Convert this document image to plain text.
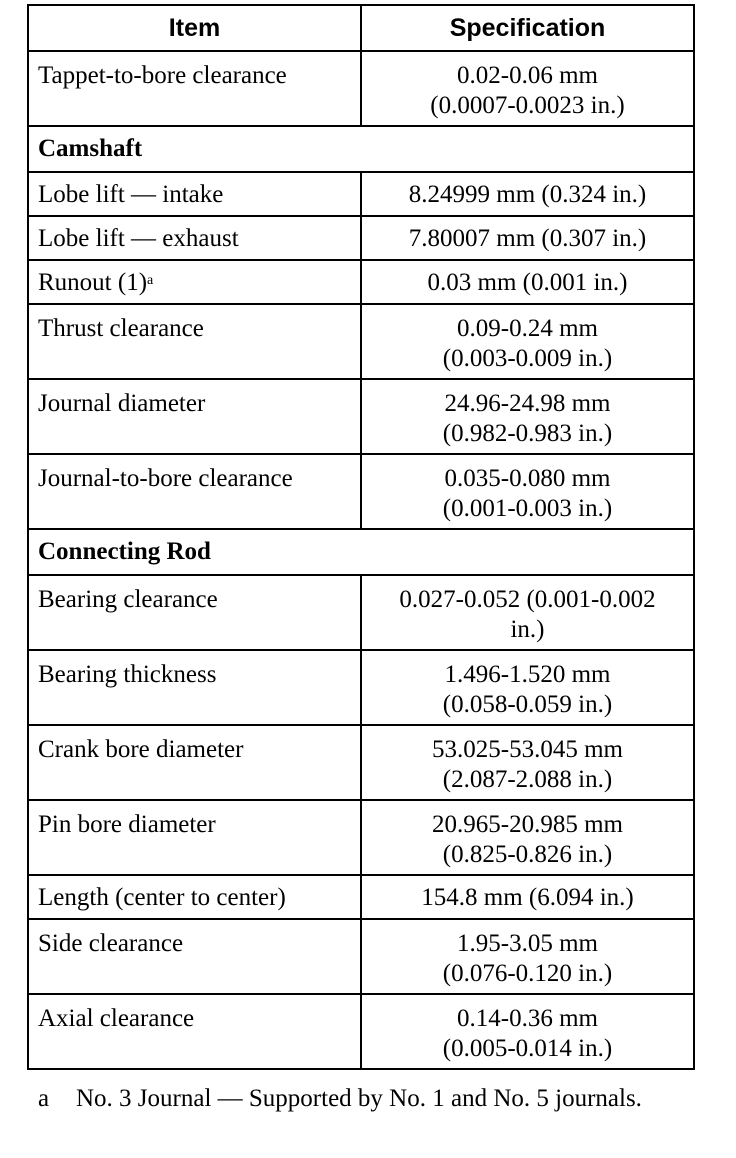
Item	Specification
Tappet-to-bore clearance	0.02-0.06 mm
(0.0007-0.0023 in.)

Camshaft	
Lobe lift — intake	8.24999 mm (0.324 in.)

Lobe lift — exhaust	7.80007 mm (0.307 in.)

Runout $(1)^a$	0.03 mm (0.001 in.)

Thrust clearance	0.09-0.24 mm
(0.003-0.009 in.)

Journal diameter	24.96-24.98 mm
(0.982-0.983 in.)

Journal-to-bore clearance	0.035-0.080 mm
(0.001-0.003 in.)

Connecting Rod	
Bearing clearance	0.027-0.052 (0.001-0.002
in.)

Bearing thickness	1.496-1.520 mm
(0.058-0.059 in.)

Crank bore diameter	53.025-53.045 mm
(2.087-2.088 in.)

Pin bore diameter	20.965-20.985 mm
(0.825-0.826 in.)

Length (center to center)	154.8 mm (6.094 in.)

Side clearance	1.95-3.05 mm
(0.076-0.120 in.)

Axial clearance	0.14-0.36 mm
(0.005-0.014 in.)
a No. 3 Journal — Supported by No. 1 and No. 5 journals.
